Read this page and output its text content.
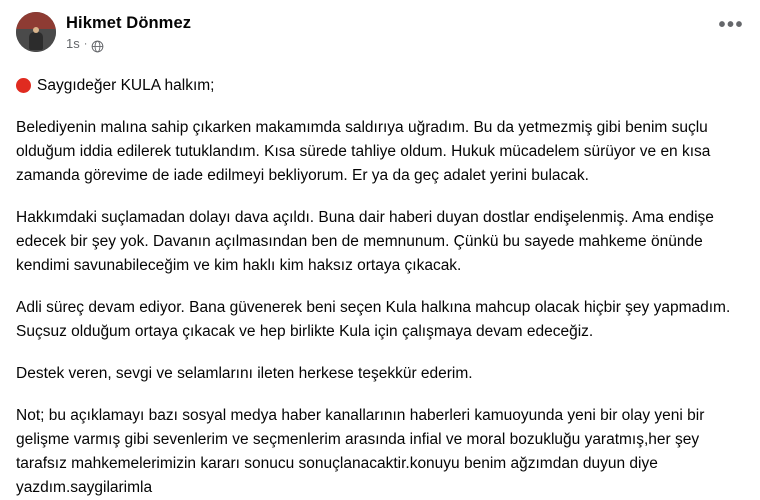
Hikmet Dönmez
1s ·
•••
Saygıdeğer KULA halkım;

Belediyenin malına sahip çıkarken makamımda saldırıya uğradım. Bu da yetmezmiş gibi benim suçlu olduğum iddia edilerek tutuklandım. Kısa sürede tahliye oldum. Hukuk mücadelem sürüyor ve en kısa zamanda görevime de iade edilmeyi bekliyorum. Er ya da geç adalet yerini bulacak.

Hakkımdaki suçlamadan dolayı dava açıldı. Buna dair haberi duyan dostlar endişelenmiş. Ama endişe edecek bir şey yok. Davanın açılmasından ben de memnunum. Çünkü bu sayede mahkeme önünde kendimi savunabileceğim ve kim haklı kim haksız ortaya çıkacak.

Adli süreç devam ediyor. Bana güvenerek beni seçen Kula halkına mahcup olacak hiçbir şey yapmadım. Suçsuz olduğum ortaya çıkacak ve hep birlikte Kula için çalışmaya devam edeceğiz.

Destek veren, sevgi ve selamlarını ileten herkese teşekkür ederim.

Not; bu açıklamayı bazı sosyal medya haber kanallarının haberleri kamuoyunda yeni bir olay yeni bir gelişme varmış gibi sevenlerim ve seçmenlerim arasında infial ve moral bozukluğu yaratmış,her şey tarafsız mahkemelerimizin kararı sonucu sonuçlanacaktir.konuyu benim ağzımdan duyun diye yazdım.saygilarimla
